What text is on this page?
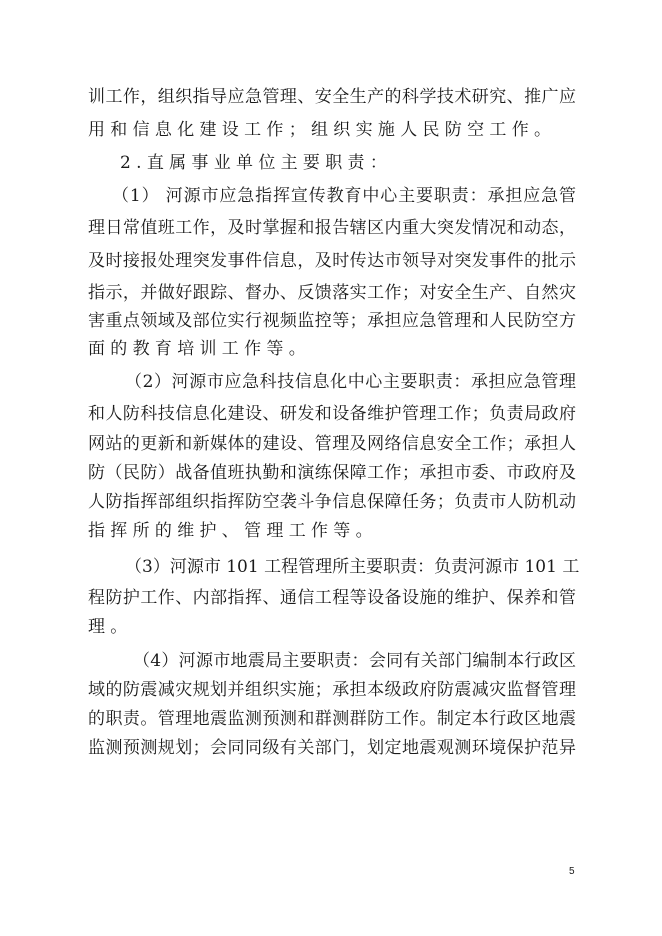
训工作，组织指导应急管理、安全生产的科学技术研究、推广应
用和信息化建设工作；组织实施人民防空工作。
2.直属事业单位主要职责：
（1） 河源市应急指挥宣传教育中心主要职责：承担应急管
理日常值班工作，及时掌握和报告辖区内重大突发情况和动态，
及时接报处理突发事件信息，及时传达市领导对突发事件的批示
指示，并做好跟踪、督办、反馈落实工作；对安全生产、自然灾
害重点领域及部位实行视频监控等；承担应急管理和人民防空方
面的教育培训工作等。
（2）河源市应急科技信息化中心主要职责：承担应急管理
和人防科技信息化建设、研发和设备维护管理工作；负责局政府
网站的更新和新媒体的建设、管理及网络信息安全工作；承担人
防（民防）战备值班执勤和演练保障工作；承担市委、市政府及
人防指挥部组织指挥防空袭斗争信息保障任务；负责市人防机动
指挥所的维护、管理工作等。
（3）河源市 101 工程管理所主要职责：负责河源市 101 工
程防护工作、内部指挥、通信工程等设备设施的维护、保养和管
理。
（4）河源市地震局主要职责：会同有关部门编制本行政区
域的防震减灾规划并组织实施；承担本级政府防震减灾监督管理
的职责。管理地震监测预测和群测群防工作。制定本行政区地震
监测预测规划；会同同级有关部门，划定地震观测环境保护范异
5
